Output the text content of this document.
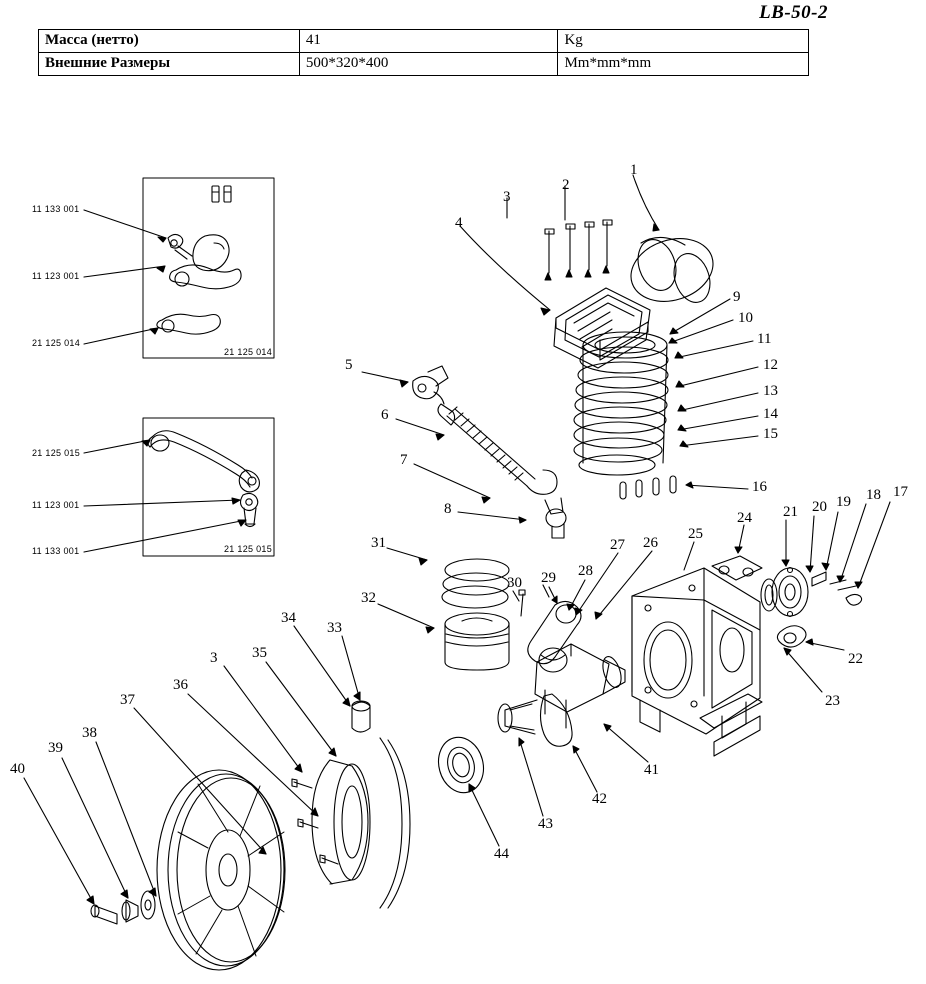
LB-50-2
Масса (нетто)	41	Kg
Внешние Размеры	500*320*400	Mm*mm*mm
1
2
3
4
9
10
11
12
13
14
15
16	17
18
19
20
21
22
23
24
25
26
27
28
29
30
31
32
33
34
35
3
36
37
38
39
40	41
42
43
44
5
6
7
8
11 133 001
11 123 001
21 125 014
21 125 014
21 125 015
11 123 001
11 133 001	21 125 015
